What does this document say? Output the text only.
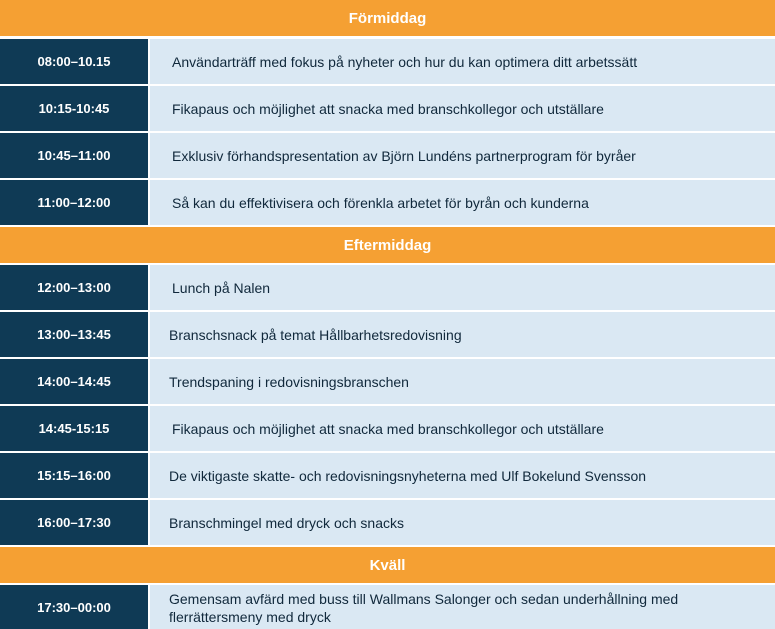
Förmiddag
08:00–10.15	Användarträff med fokus på nyheter och hur du kan optimera ditt arbetssätt
10:15-10:45	Fikapaus och möjlighet att snacka med branschkollegor och utställare
10:45–11:00	Exklusiv förhandspresentation av Björn Lundéns partnerprogram för byråer
11:00–12:00	Så kan du effektivisera och förenkla arbetet för byrån och kunderna
Eftermiddag
12:00–13:00	Lunch på Nalen
13:00–13:45	Branschsnack på temat Hållbarhetsredovisning
14:00–14:45	Trendspaning i redovisningsbranschen
14:45-15:15	Fikapaus och möjlighet att snacka med branschkollegor och utställare
15:15–16:00	De viktigaste skatte- och redovisningsnyheterna med Ulf Bokelund Svensson
16:00–17:30	Branschmingel med dryck och snacks
Kväll
17:30–00:00	Gemensam avfärd med buss till Wallmans Salonger och sedan underhållning med flerrättersmeny med dryck
